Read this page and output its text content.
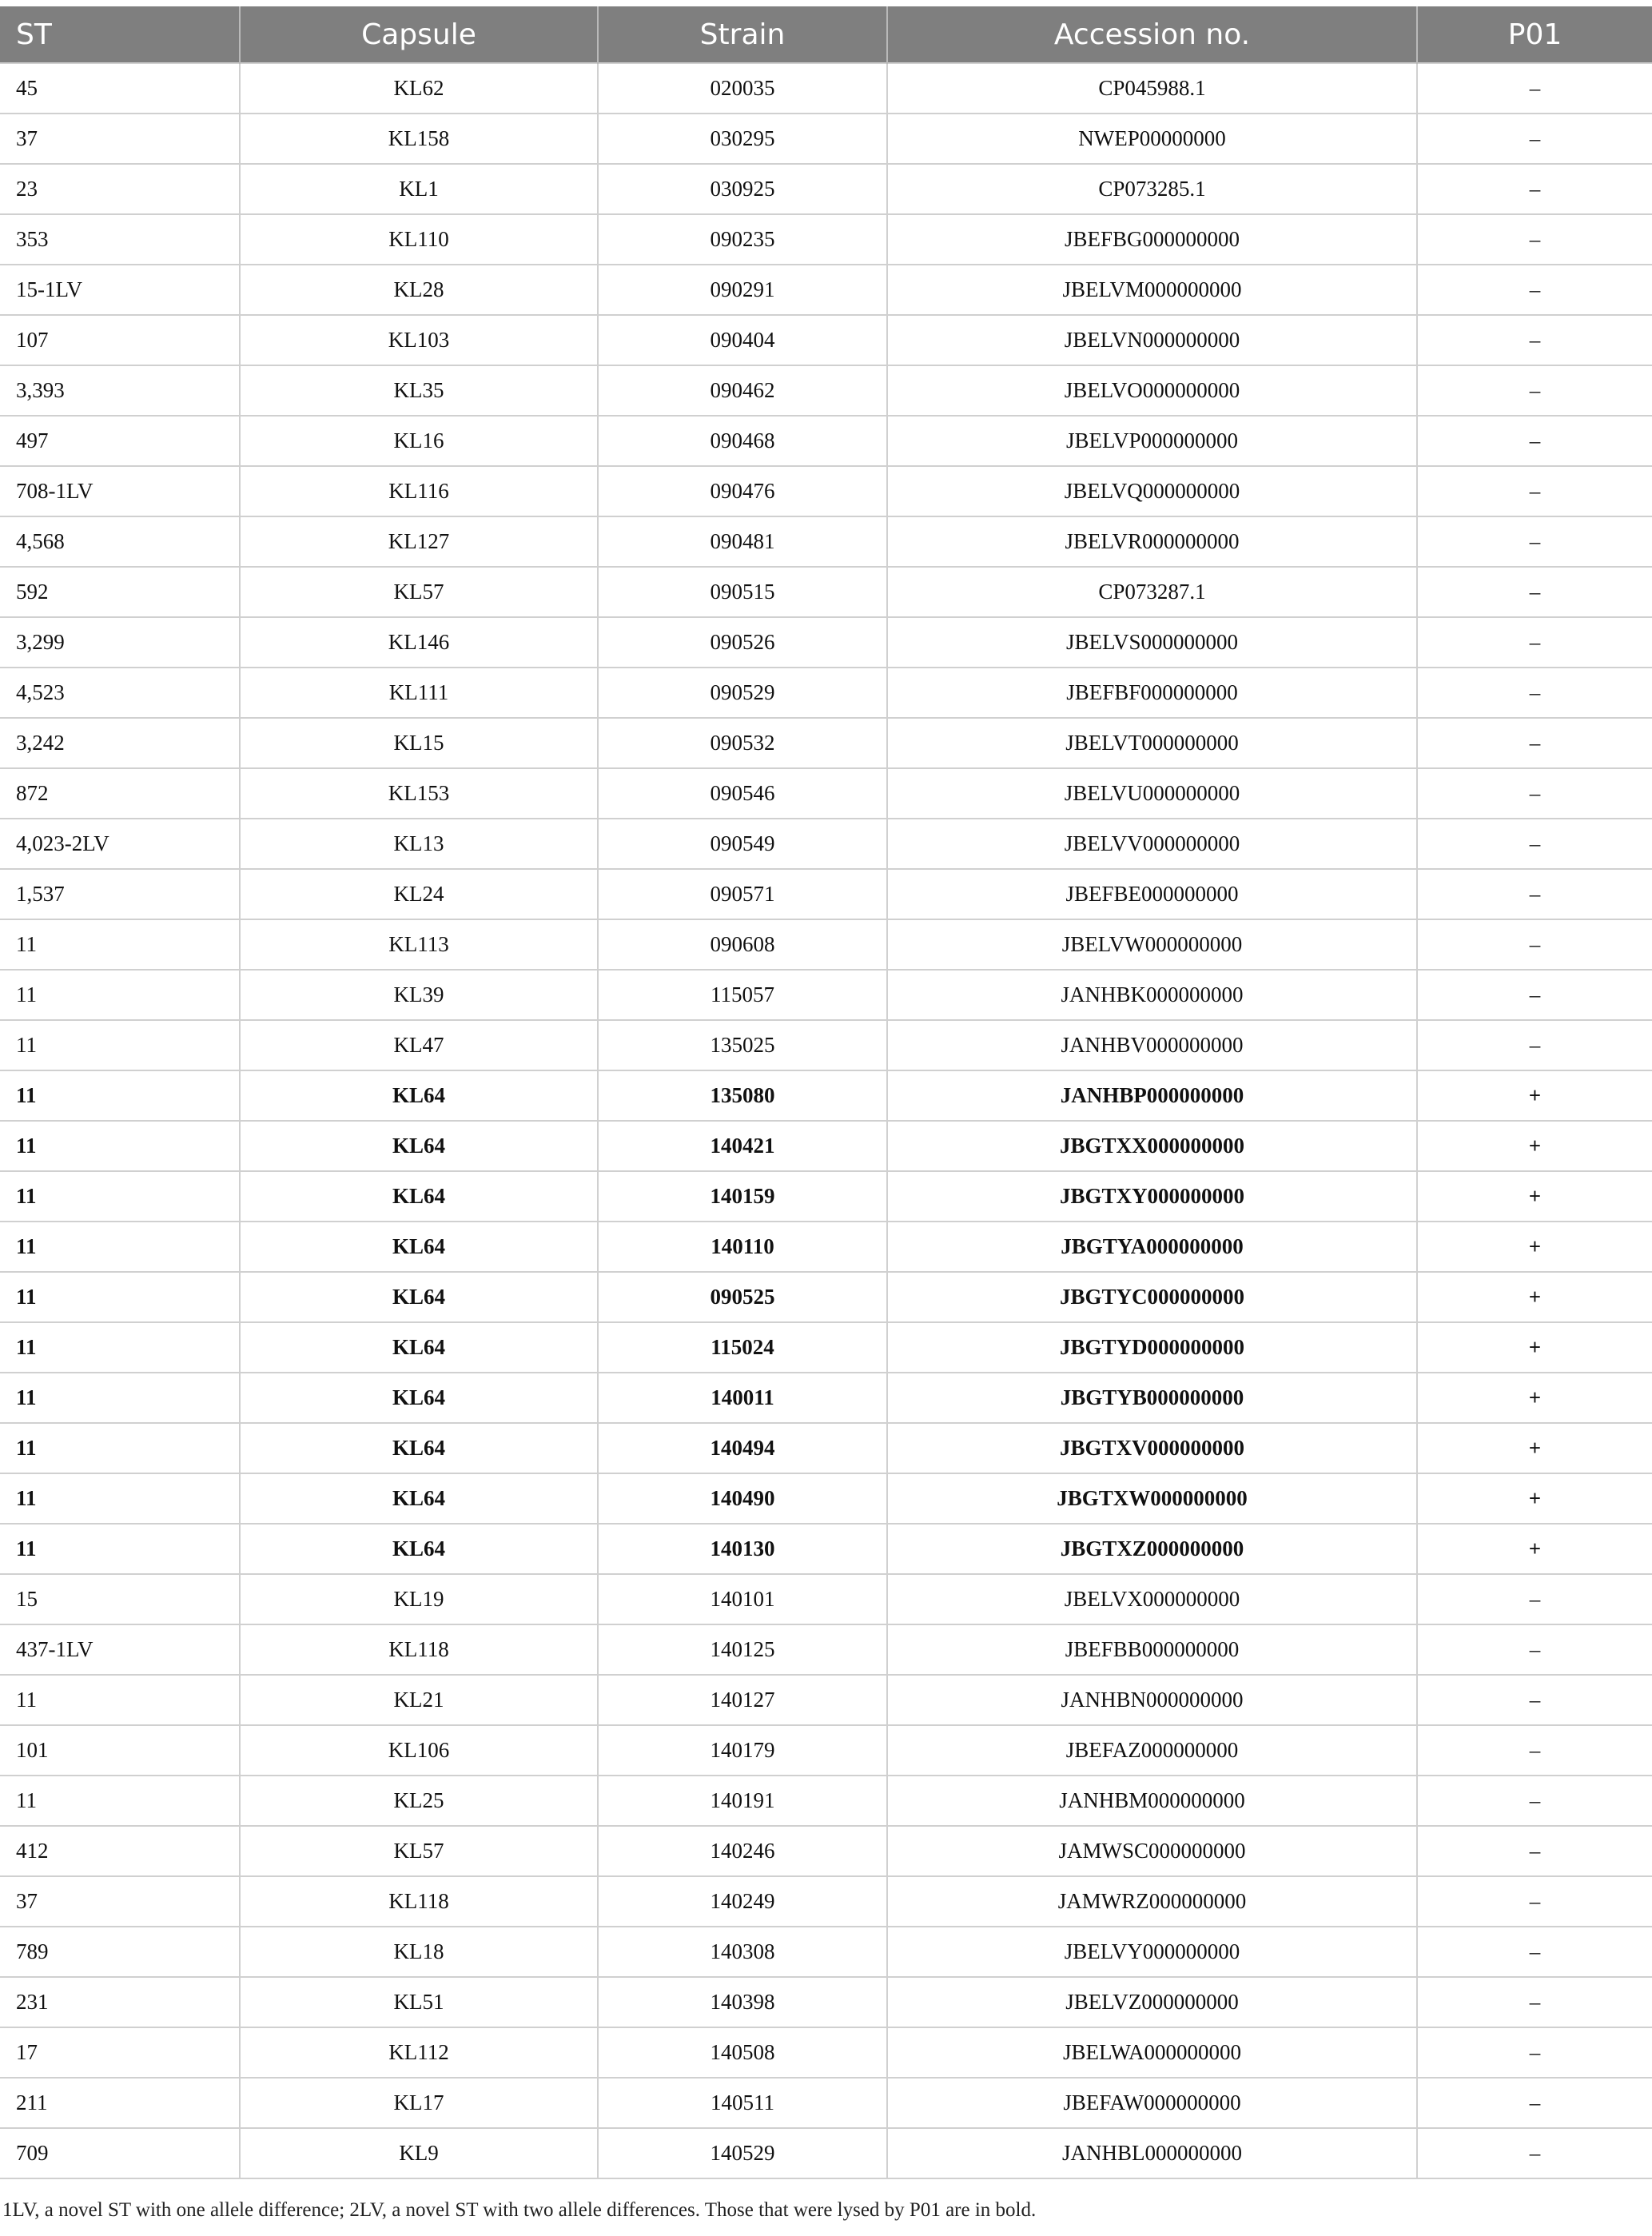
ST	Capsule	Strain	Accession no.	P01
45	KL62	020035	CP045988.1	–
37	KL158	030295	NWEP00000000	–
23	KL1	030925	CP073285.1	–
353	KL110	090235	JBEFBG000000000	–
15-1LV	KL28	090291	JBELVM000000000	–
107	KL103	090404	JBELVN000000000	–
3,393	KL35	090462	JBELVO000000000	–
497	KL16	090468	JBELVP000000000	–
708-1LV	KL116	090476	JBELVQ000000000	–
4,568	KL127	090481	JBELVR000000000	–
592	KL57	090515	CP073287.1	–
3,299	KL146	090526	JBELVS000000000	–
4,523	KL111	090529	JBEFBF000000000	–
3,242	KL15	090532	JBELVT000000000	–
872	KL153	090546	JBELVU000000000	–
4,023-2LV	KL13	090549	JBELVV000000000	–
1,537	KL24	090571	JBEFBE000000000	–
11	KL113	090608	JBELVW000000000	–
11	KL39	115057	JANHBK000000000	–
11	KL47	135025	JANHBV000000000	–
11	KL64	135080	JANHBP000000000	+
11	KL64	140421	JBGTXX000000000	+
11	KL64	140159	JBGTXY000000000	+
11	KL64	140110	JBGTYA000000000	+
11	KL64	090525	JBGTYC000000000	+
11	KL64	115024	JBGTYD000000000	+
11	KL64	140011	JBGTYB000000000	+
11	KL64	140494	JBGTXV000000000	+
11	KL64	140490	JBGTXW000000000	+
11	KL64	140130	JBGTXZ000000000	+
15	KL19	140101	JBELVX000000000	–
437-1LV	KL118	140125	JBEFBB000000000	–
11	KL21	140127	JANHBN000000000	–
101	KL106	140179	JBEFAZ000000000	–
11	KL25	140191	JANHBM000000000	–
412	KL57	140246	JAMWSC000000000	–
37	KL118	140249	JAMWRZ000000000	–
789	KL18	140308	JBELVY000000000	–
231	KL51	140398	JBELVZ000000000	–
17	KL112	140508	JBELWA000000000	–
211	KL17	140511	JBEFAW000000000	–
709	KL9	140529	JANHBL000000000	–
1LV, a novel ST with one allele difference; 2LV, a novel ST with two allele differences. Those that were lysed by P01 are in bold.
